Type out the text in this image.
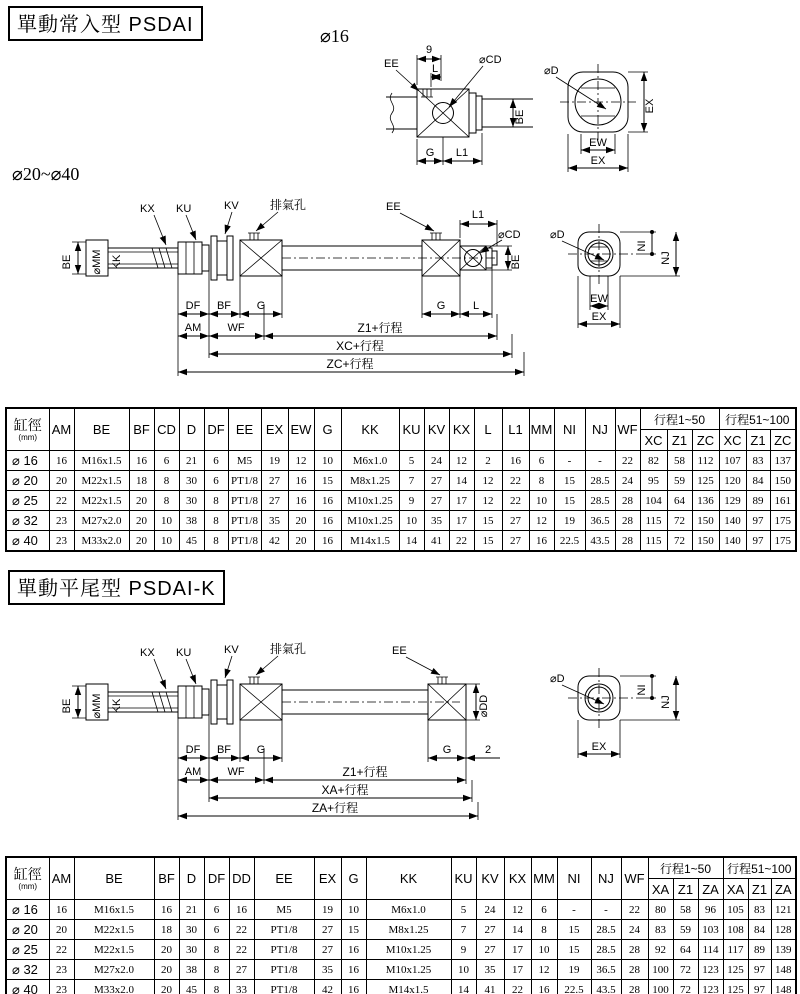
單動常入型 PSDAI	⌀16
BE
9
L
EE	⌀CD
G L1
⌀D
EX
EW
EX
⌀20~⌀40
BE ⌀MM KK
KX KU	KV	排氣孔	EE
L1
⌀CD
BE
DF BF G	G	L
AM WF	Z1+行程
XC+行程
ZC+行程
⌀D
NI
NJ
EW
EX
缸徑
(mm)	AM	BE	BF	CD	D	DF	EE	EX	EW	G	KK	KU	KV	KX	L	L1	MM	NI	NJ	WF	行程1~50			行程51~100		
																					XC	Z1	ZC	XC	Z1	ZC
⌀ 16	16	M16x1.5	16	6	21	6	M5	19	12	10	M6x1.0	5	24	12	2	16	6	-	-	22	82	58	112	107	83	137
⌀ 20	20	M22x1.5	18	8	30	6	PT1/8	27	16	15	M8x1.25	7	27	14	12	22	8	15	28.5	24	95	59	125	120	84	150
⌀ 25	22	M22x1.5	20	8	30	8	PT1/8	27	16	16	M10x1.25	9	27	17	12	22	10	15	28.5	28	104	64	136	129	89	161
⌀ 32	23	M27x2.0	20	10	38	8	PT1/8	35	20	16	M10x1.25	10	35	17	15	27	12	19	36.5	28	115	72	150	140	97	175
⌀ 40	23	M33x2.0	20	10	45	8	PT1/8	42	20	16	M14x1.5	14	41	22	15	27	16	22.5	43.5	28	115	72	150	140	97	175
單動平尾型 PSDAI-K
BE ⌀MM KK
KX KU	KV	排氣孔	EE
⌀DD
DF BF G	G	2
AM WF	Z1+行程
XA+行程
ZA+行程
⌀D
NI
NJ
EX
缸徑
(mm)	AM	BE	BF	D	DF	DD	EE	EX	G	KK	KU	KV	KX	MM	NI	NJ	WF	行程1~50			行程51~100		
																		XA	Z1	ZA	XA	Z1	ZA
⌀ 16	16	M16x1.5	16	21	6	16	M5	19	10	M6x1.0	5	24	12	6	-	-	22	80	58	96	105	83	121
⌀ 20	20	M22x1.5	18	30	6	22	PT1/8	27	15	M8x1.25	7	27	14	8	15	28.5	24	83	59	103	108	84	128
⌀ 25	22	M22x1.5	20	30	8	22	PT1/8	27	16	M10x1.25	9	27	17	10	15	28.5	28	92	64	114	117	89	139
⌀ 32	23	M27x2.0	20	38	8	27	PT1/8	35	16	M10x1.25	10	35	17	12	19	36.5	28	100	72	123	125	97	148
⌀ 40	23	M33x2.0	20	45	8	33	PT1/8	42	16	M14x1.5	14	41	22	16	22.5	43.5	28	100	72	123	125	97	148
